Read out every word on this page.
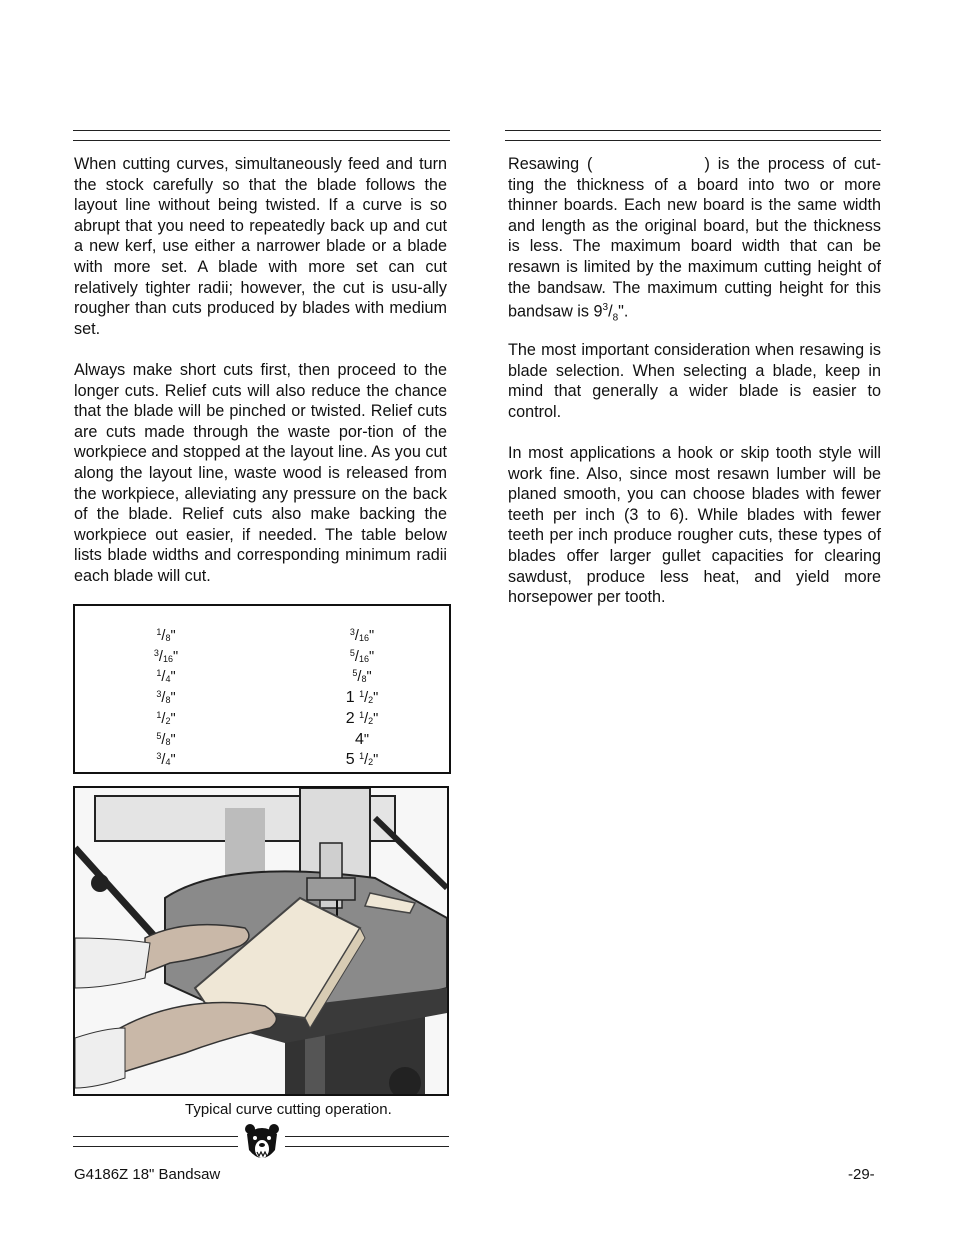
When cutting curves, simultaneously feed and turn the stock carefully so that the blade follows the layout line without being twisted. If a curve is so abrupt that you need to repeatedly back up and cut a new kerf, use either a narrower blade or a blade with more set. A blade with more set can cut relatively tighter radii; however, the cut is usu-ally rougher than cuts produced by blades with medium set.

Always make short cuts first, then proceed to the longer cuts. Relief cuts will also reduce the chance that the blade will be pinched or twisted. Relief cuts are cuts made through the waste por-tion of the workpiece and stopped at the layout line. As you cut along the layout line, waste wood is released from the workpiece, alleviating any pressure on the back of the blade. Relief cuts also make backing the workpiece out easier, if needed. The table below lists blade widths and corresponding minimum radii each blade will cut.

$^1/_8$"	$^3/_{16}$"
$^3/_{16}$"	$^5/_{16}$"
$^1/_4$"	$^5/_8$"
$^3/_8$"	1 $^1/_2$"
$^1/_2$"	2 $^1/_2$"
$^5/_8$"	4"
$^3/_4$"	5 $^1/_2$"
Typical curve cutting operation.

Resawing (	) is the process of cut-ting the thickness of a board into two or more thinner boards. Each new board is the same width and length as the original board, but the thickness is less. The maximum board width that can be resawn is limited by the maximum cutting height of the bandsaw. The maximum cutting height for this bandsaw is $9^3/_8$".

The most important consideration when resawing is blade selection. When selecting a blade, keep in mind that generally a wider blade is easier to control.

In most applications a hook or skip tooth style will work fine. Also, since most resawn lumber will be planed smooth, you can choose blades with fewer teeth per inch (3 to 6). While blades with fewer teeth per inch produce rougher cuts, these types of blades offer larger gullet capacities for clearing sawdust, produce less heat, and yield more horsepower per tooth.

G4186Z 18" Bandsaw	-29-
